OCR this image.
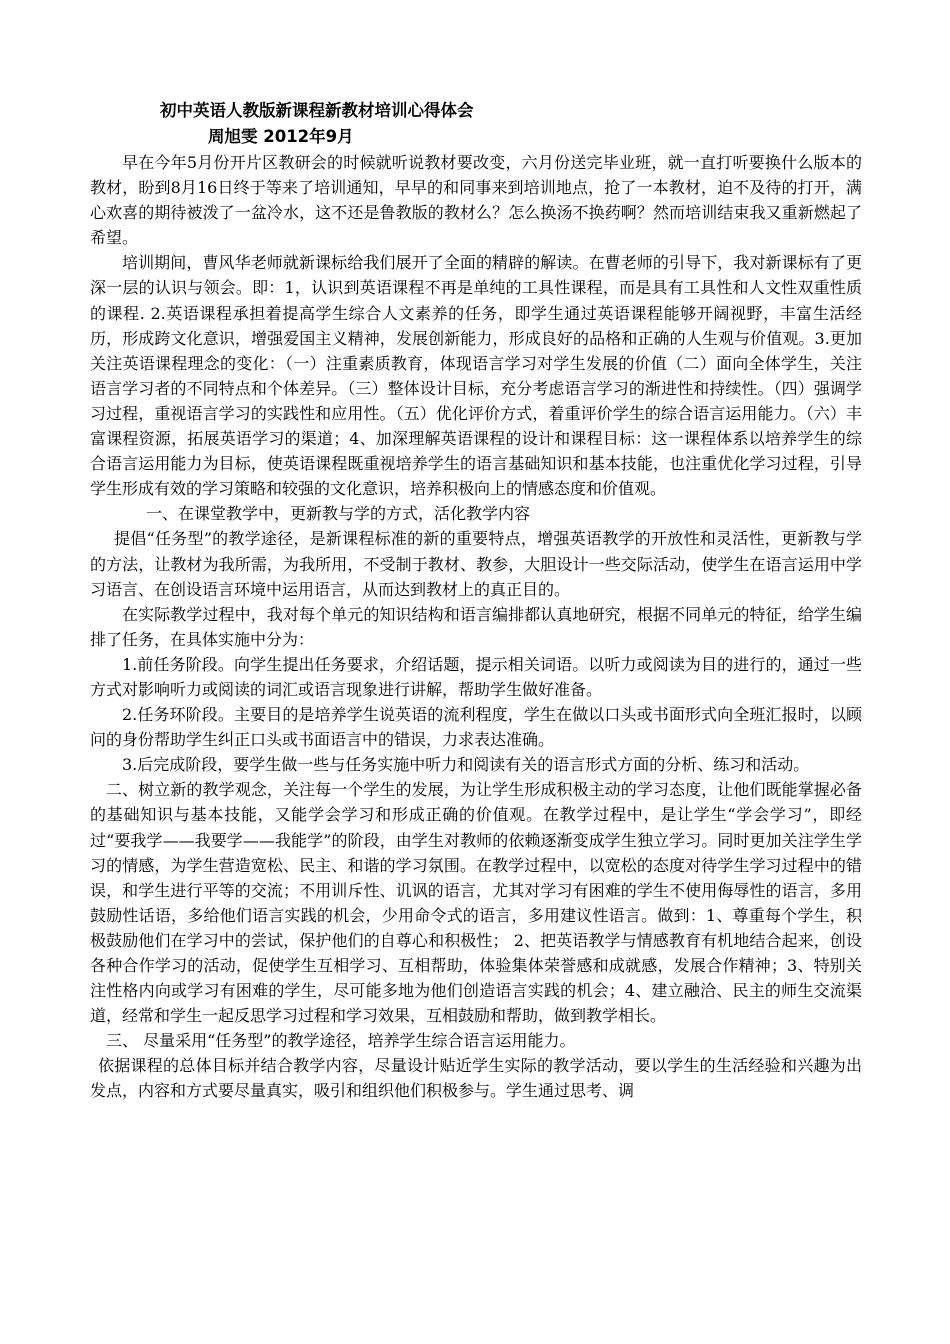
初中英语人教版新课程新教材培训心得体会

周旭雯 2012年9月

早在今年5月份开片区教研会的时候就听说教材要改变，六月份送完毕业班，就一直打听要换什么版本的教材，盼到8月16日终于等来了培训通知，早早的和同事来到培训地点，抢了一本教材，迫不及待的打开，满心欢喜的期待被泼了一盆冷水，这不还是鲁教版的教材么？怎么换汤不换药啊？然而培训结束我又重新燃起了希望。

培训期间，曹风华老师就新课标给我们展开了全面的精辟的解读。在曹老师的引导下，我对新课标有了更深一层的认识与领会。即：1，认识到英语课程不再是单纯的工具性课程，而是具有工具性和人文性双重性质的课程. 2.英语课程承担着提高学生综合人文素养的任务，即学生通过英语课程能够开阔视野，丰富生活经历，形成跨文化意识，增强爱国主义精神，发展创新能力，形成良好的品格和正确的人生观与价值观。3.更加关注英语课程理念的变化：（一）注重素质教育，体现语言学习对学生发展的价值（二）面向全体学生，关注语言学习者的不同特点和个体差异。（三）整体设计目标，充分考虑语言学习的渐进性和持续性。（四）强调学习过程，重视语言学习的实践性和应用性。（五）优化评价方式，着重评价学生的综合语言运用能力。（六）丰富课程资源，拓展英语学习的渠道；4、加深理解英语课程的设计和课程目标：这一课程体系以培养学生的综合语言运用能力为目标，使英语课程既重视培养学生的语言基础知识和基本技能，也注重优化学习过程，引导学生形成有效的学习策略和较强的文化意识，培养积极向上的情感态度和价值观。

一、在课堂教学中，更新教与学的方式，活化教学内容

提倡“任务型”的教学途径，是新课程标准的新的重要特点，增强英语教学的开放性和灵活性，更新教与学的方法，让教材为我所需，为我所用，不受制于教材、教参，大胆设计一些交际活动，使学生在语言运用中学习语言、在创设语言环境中运用语言，从而达到教材上的真正目的。

在实际教学过程中，我对每个单元的知识结构和语言编排都认真地研究，根据不同单元的特征，给学生编排了任务，在具体实施中分为：

1.前任务阶段。向学生提出任务要求，介绍话题，提示相关词语。以听力或阅读为目的进行的，通过一些方式对影响听力或阅读的词汇或语言现象进行讲解，帮助学生做好准备。

2.任务环阶段。主要目的是培养学生说英语的流利程度，学生在做以口头或书面形式向全班汇报时，以顾问的身份帮助学生纠正口头或书面语言中的错误，力求表达准确。

3.后完成阶段，要学生做一些与任务实施中听力和阅读有关的语言形式方面的分析、练习和活动。

二、树立新的教学观念，关注每一个学生的发展，为让学生形成积极主动的学习态度，让他们既能掌握必备的基础知识与基本技能，又能学会学习和形成正确的价值观。在教学过程中，是让学生“学会学习”，即经过“要我学——我要学——我能学”的阶段，由学生对教师的依赖逐渐变成学生独立学习。同时更加关注学生学习的情感，为学生营造宽松、民主、和谐的学习氛围。在教学过程中，以宽松的态度对待学生学习过程中的错误，和学生进行平等的交流；不用训斥性、讥讽的语言，尤其对学习有困难的学生不使用侮辱性的语言，多用鼓励性话语，多给他们语言实践的机会，少用命令式的语言，多用建议性语言。做到：1、尊重每个学生，积极鼓励他们在学习中的尝试，保护他们的自尊心和积极性； 2、把英语教学与情感教育有机地结合起来，创设各种合作学习的活动，促使学生互相学习、互相帮助，体验集体荣誉感和成就感，发展合作精神；3、特别关注性格内向或学习有困难的学生，尽可能多地为他们创造语言实践的机会；4、建立融洽、民主的师生交流渠道，经常和学生一起反思学习过程和学习效果，互相鼓励和帮助，做到教学相长。

三、 尽量采用“任务型”的教学途径，培养学生综合语言运用能力。

依据课程的总体目标并结合教学内容，尽量设计贴近学生实际的教学活动，要以学生的生活经验和兴趣为出发点，内容和方式要尽量真实，吸引和组织他们积极参与。学生通过思考、调
